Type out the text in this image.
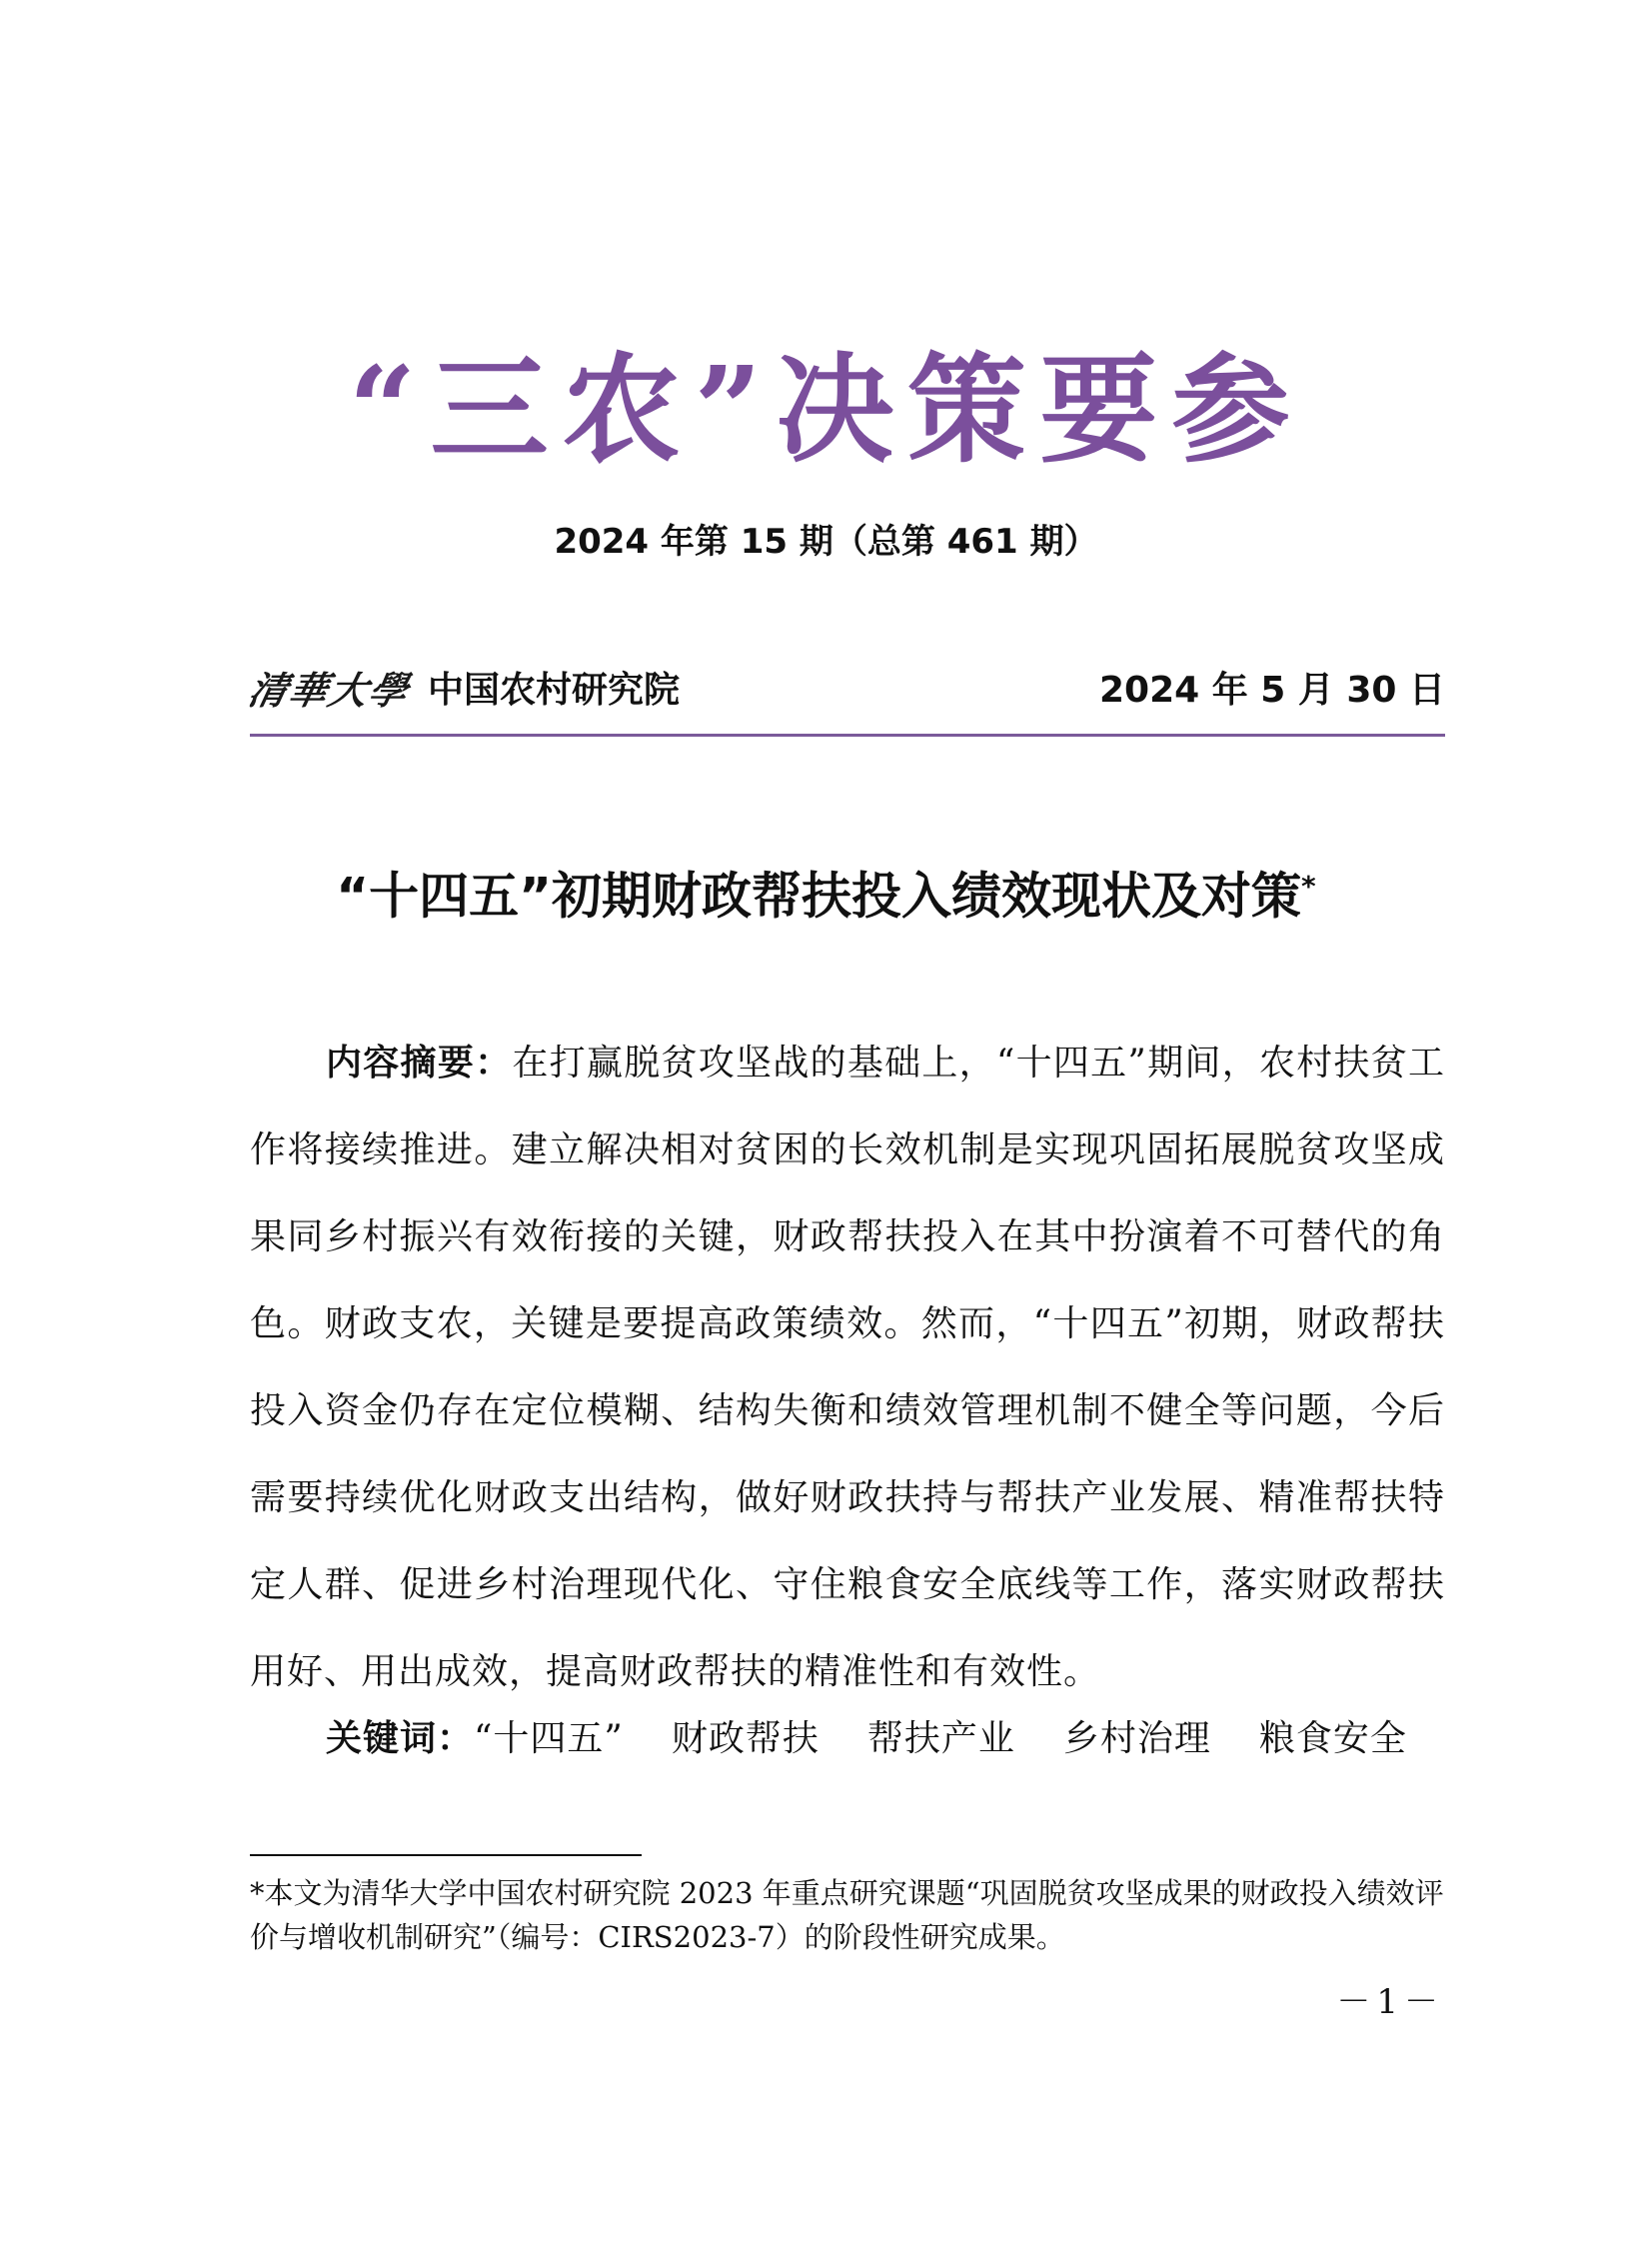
“三农”决策要参
2024 年第 15 期（总第 461 期）
清華大學 中国农村研究院	2024 年 5 月 30 日
“十四五”初期财政帮扶投入绩效现状及对策*

内容摘要：在打赢脱贫攻坚战的基础上，“十四五”期间，农村扶贫工作将接续推进。建立解决相对贫困的长效机制是实现巩固拓展脱贫攻坚成果同乡村振兴有效衔接的关键，财政帮扶投入在其中扮演着不可替代的角色。财政支农，关键是要提高政策绩效。然而，“十四五”初期，财政帮扶投入资金仍存在定位模糊、结构失衡和绩效管理机制不健全等问题，今后需要持续优化财政支出结构，做好财政扶持与帮扶产业发展、精准帮扶特定人群、促进乡村治理现代化、守住粮食安全底线等工作，落实财政帮扶用好、用出成效，提高财政帮扶的精准性和有效性。

关键词： “十四五” 财政帮扶 帮扶产业 乡村治理 粮食安全

*本文为清华大学中国农村研究院 2023 年重点研究课题“巩固脱贫攻坚成果的财政投入绩效评价与增收机制研究”（编号：CIRS2023-7）的阶段性研究成果。

－1－
